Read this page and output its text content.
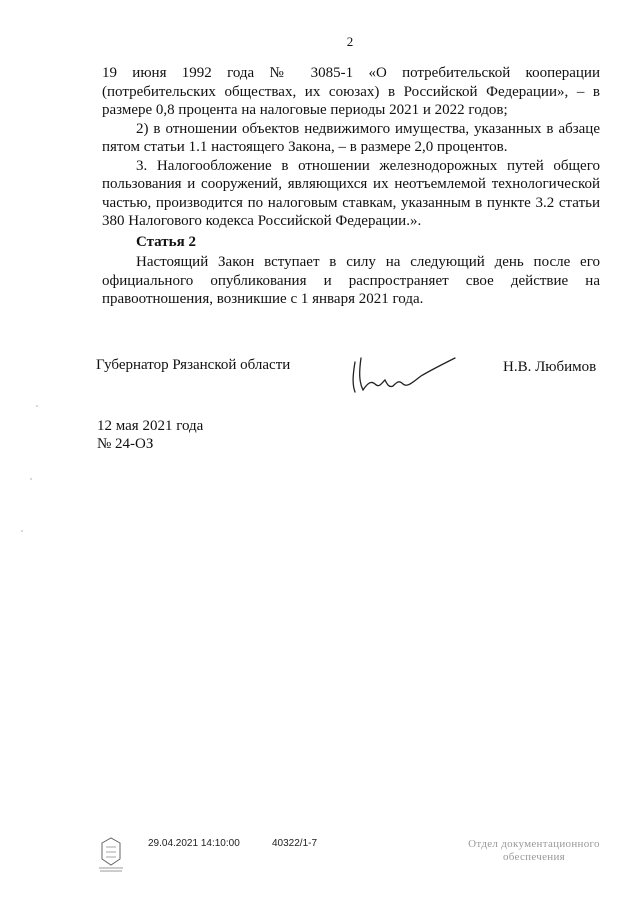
2

19 июня 1992 года № 3085-1 «О потребительской кооперации (потребительских обществах, их союзах) в Российской Федерации», – в размере 0,8 процента на налоговые периоды 2021 и 2022 годов;

2) в отношении объектов недвижимого имущества, указанных в абзаце пятом статьи 1.1 настоящего Закона, – в размере 2,0 процентов.

3. Налогообложение в отношении железнодорожных путей общего пользования и сооружений, являющихся их неотъемлемой технологической частью, производится по налоговым ставкам, указанным в пункте 3.2 статьи 380 Налогового кодекса Российской Федерации.».

Статья 2

Настоящий Закон вступает в силу на следующий день после его официального опубликования и распространяет свое действие на правоотношения, возникшие с 1 января 2021 года.

Губернатор Рязанской области	Н.В. Любимов
12 мая 2021 года
№ 24-ОЗ
29.04.2021 14:10:00	40322/1-7	Отдел документационного
обеспечения
